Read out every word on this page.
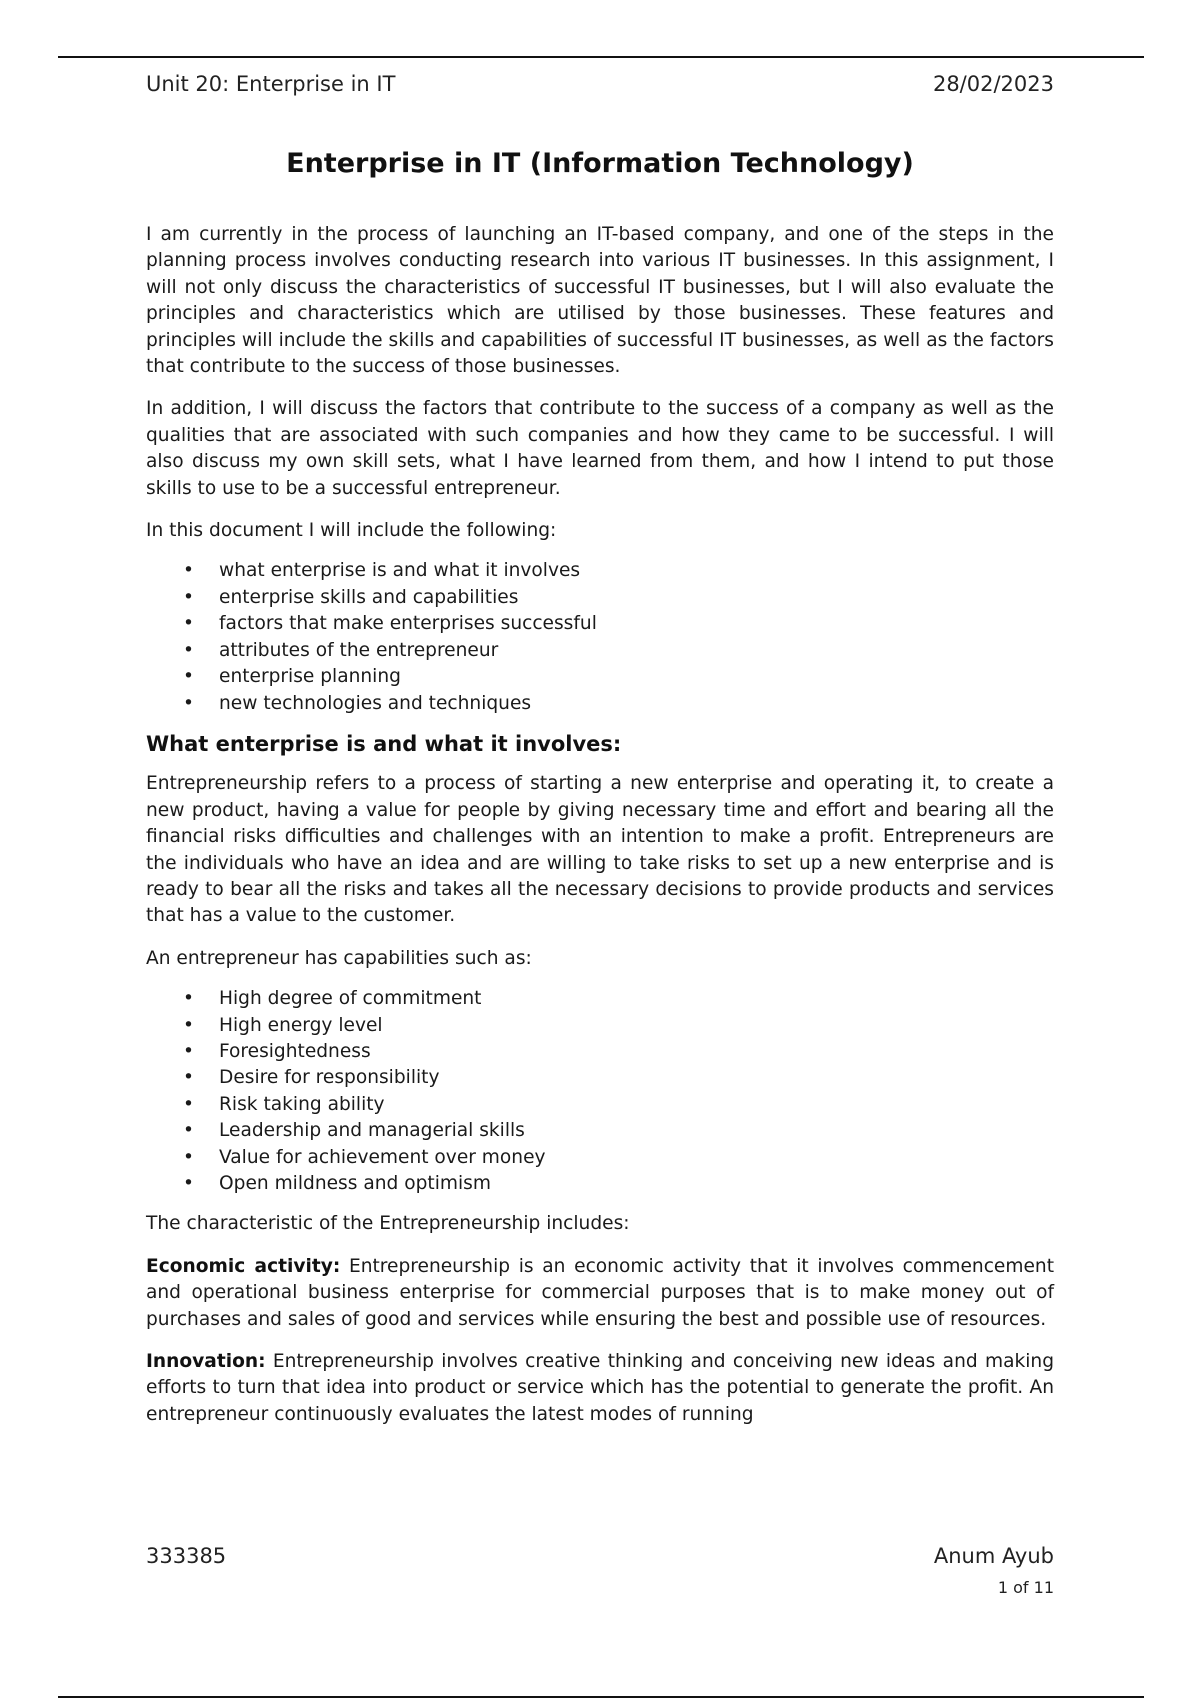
Unit 20: Enterprise in IT	28/02/2023
Enterprise in IT (Information Technology)

I am currently in the process of launching an IT-based company, and one of the steps in the planning process involves conducting research into various IT businesses. In this assignment, I will not only discuss the characteristics of successful IT businesses, but I will also evaluate the principles and characteristics which are utilised by those businesses. These features and principles will include the skills and capabilities of successful IT businesses, as well as the factors that contribute to the success of those businesses.

In addition, I will discuss the factors that contribute to the success of a company as well as the qualities that are associated with such companies and how they came to be successful. I will also discuss my own skill sets, what I have learned from them, and how I intend to put those skills to use to be a successful entrepreneur.

In this document I will include the following:

• what enterprise is and what it involves
• enterprise skills and capabilities
• factors that make enterprises successful
• attributes of the entrepreneur
• enterprise planning
• new technologies and techniques
What enterprise is and what it involves:

Entrepreneurship refers to a process of starting a new enterprise and operating it, to create a new product, having a value for people by giving necessary time and effort and bearing all the financial risks difficulties and challenges with an intention to make a profit. Entrepreneurs are the individuals who have an idea and are willing to take risks to set up a new enterprise and is ready to bear all the risks and takes all the necessary decisions to provide products and services that has a value to the customer.

An entrepreneur has capabilities such as:

• High degree of commitment
• High energy level
• Foresightedness
• Desire for responsibility
• Risk taking ability
• Leadership and managerial skills
• Value for achievement over money
• Open mildness and optimism

The characteristic of the Entrepreneurship includes:

Economic activity: Entrepreneurship is an economic activity that it involves commencement and operational business enterprise for commercial purposes that is to make money out of purchases and sales of good and services while ensuring the best and possible use of resources.

Innovation: Entrepreneurship involves creative thinking and conceiving new ideas and making efforts to turn that idea into product or service which has the potential to generate the profit. An entrepreneur continuously evaluates the latest modes of running

333385	Anum Ayub
1 of 11
